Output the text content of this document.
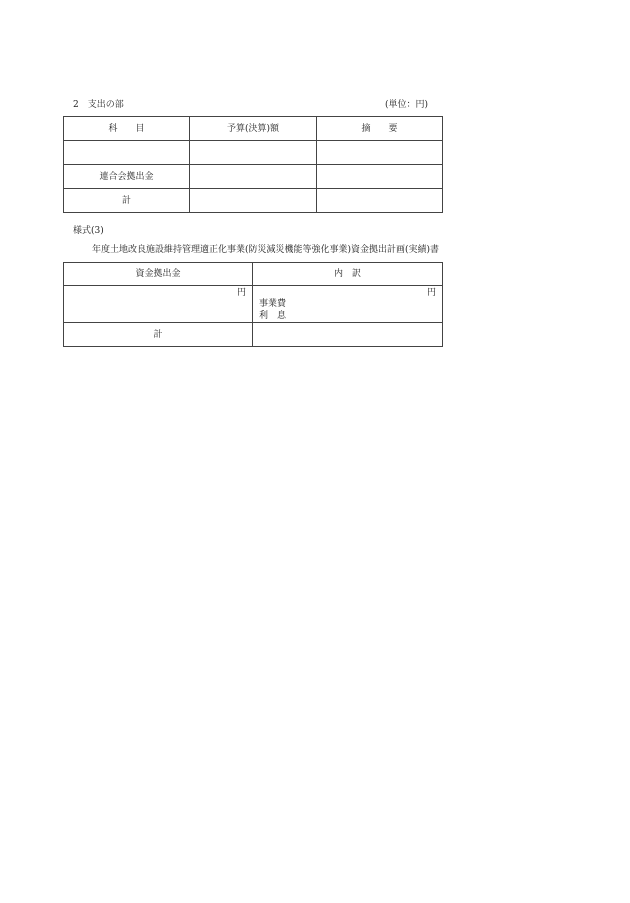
2　支出の部	(単位：円)
科　　目	予算(決算)額	摘　　要

連合会拠出金		
計		
様式(3)
年度土地改良施設維持管理適正化事業(防災減災機能等強化事業)資金拠出計画(実績)書
資金拠出金	内　訳

円	円
事業費
利　息

計	
